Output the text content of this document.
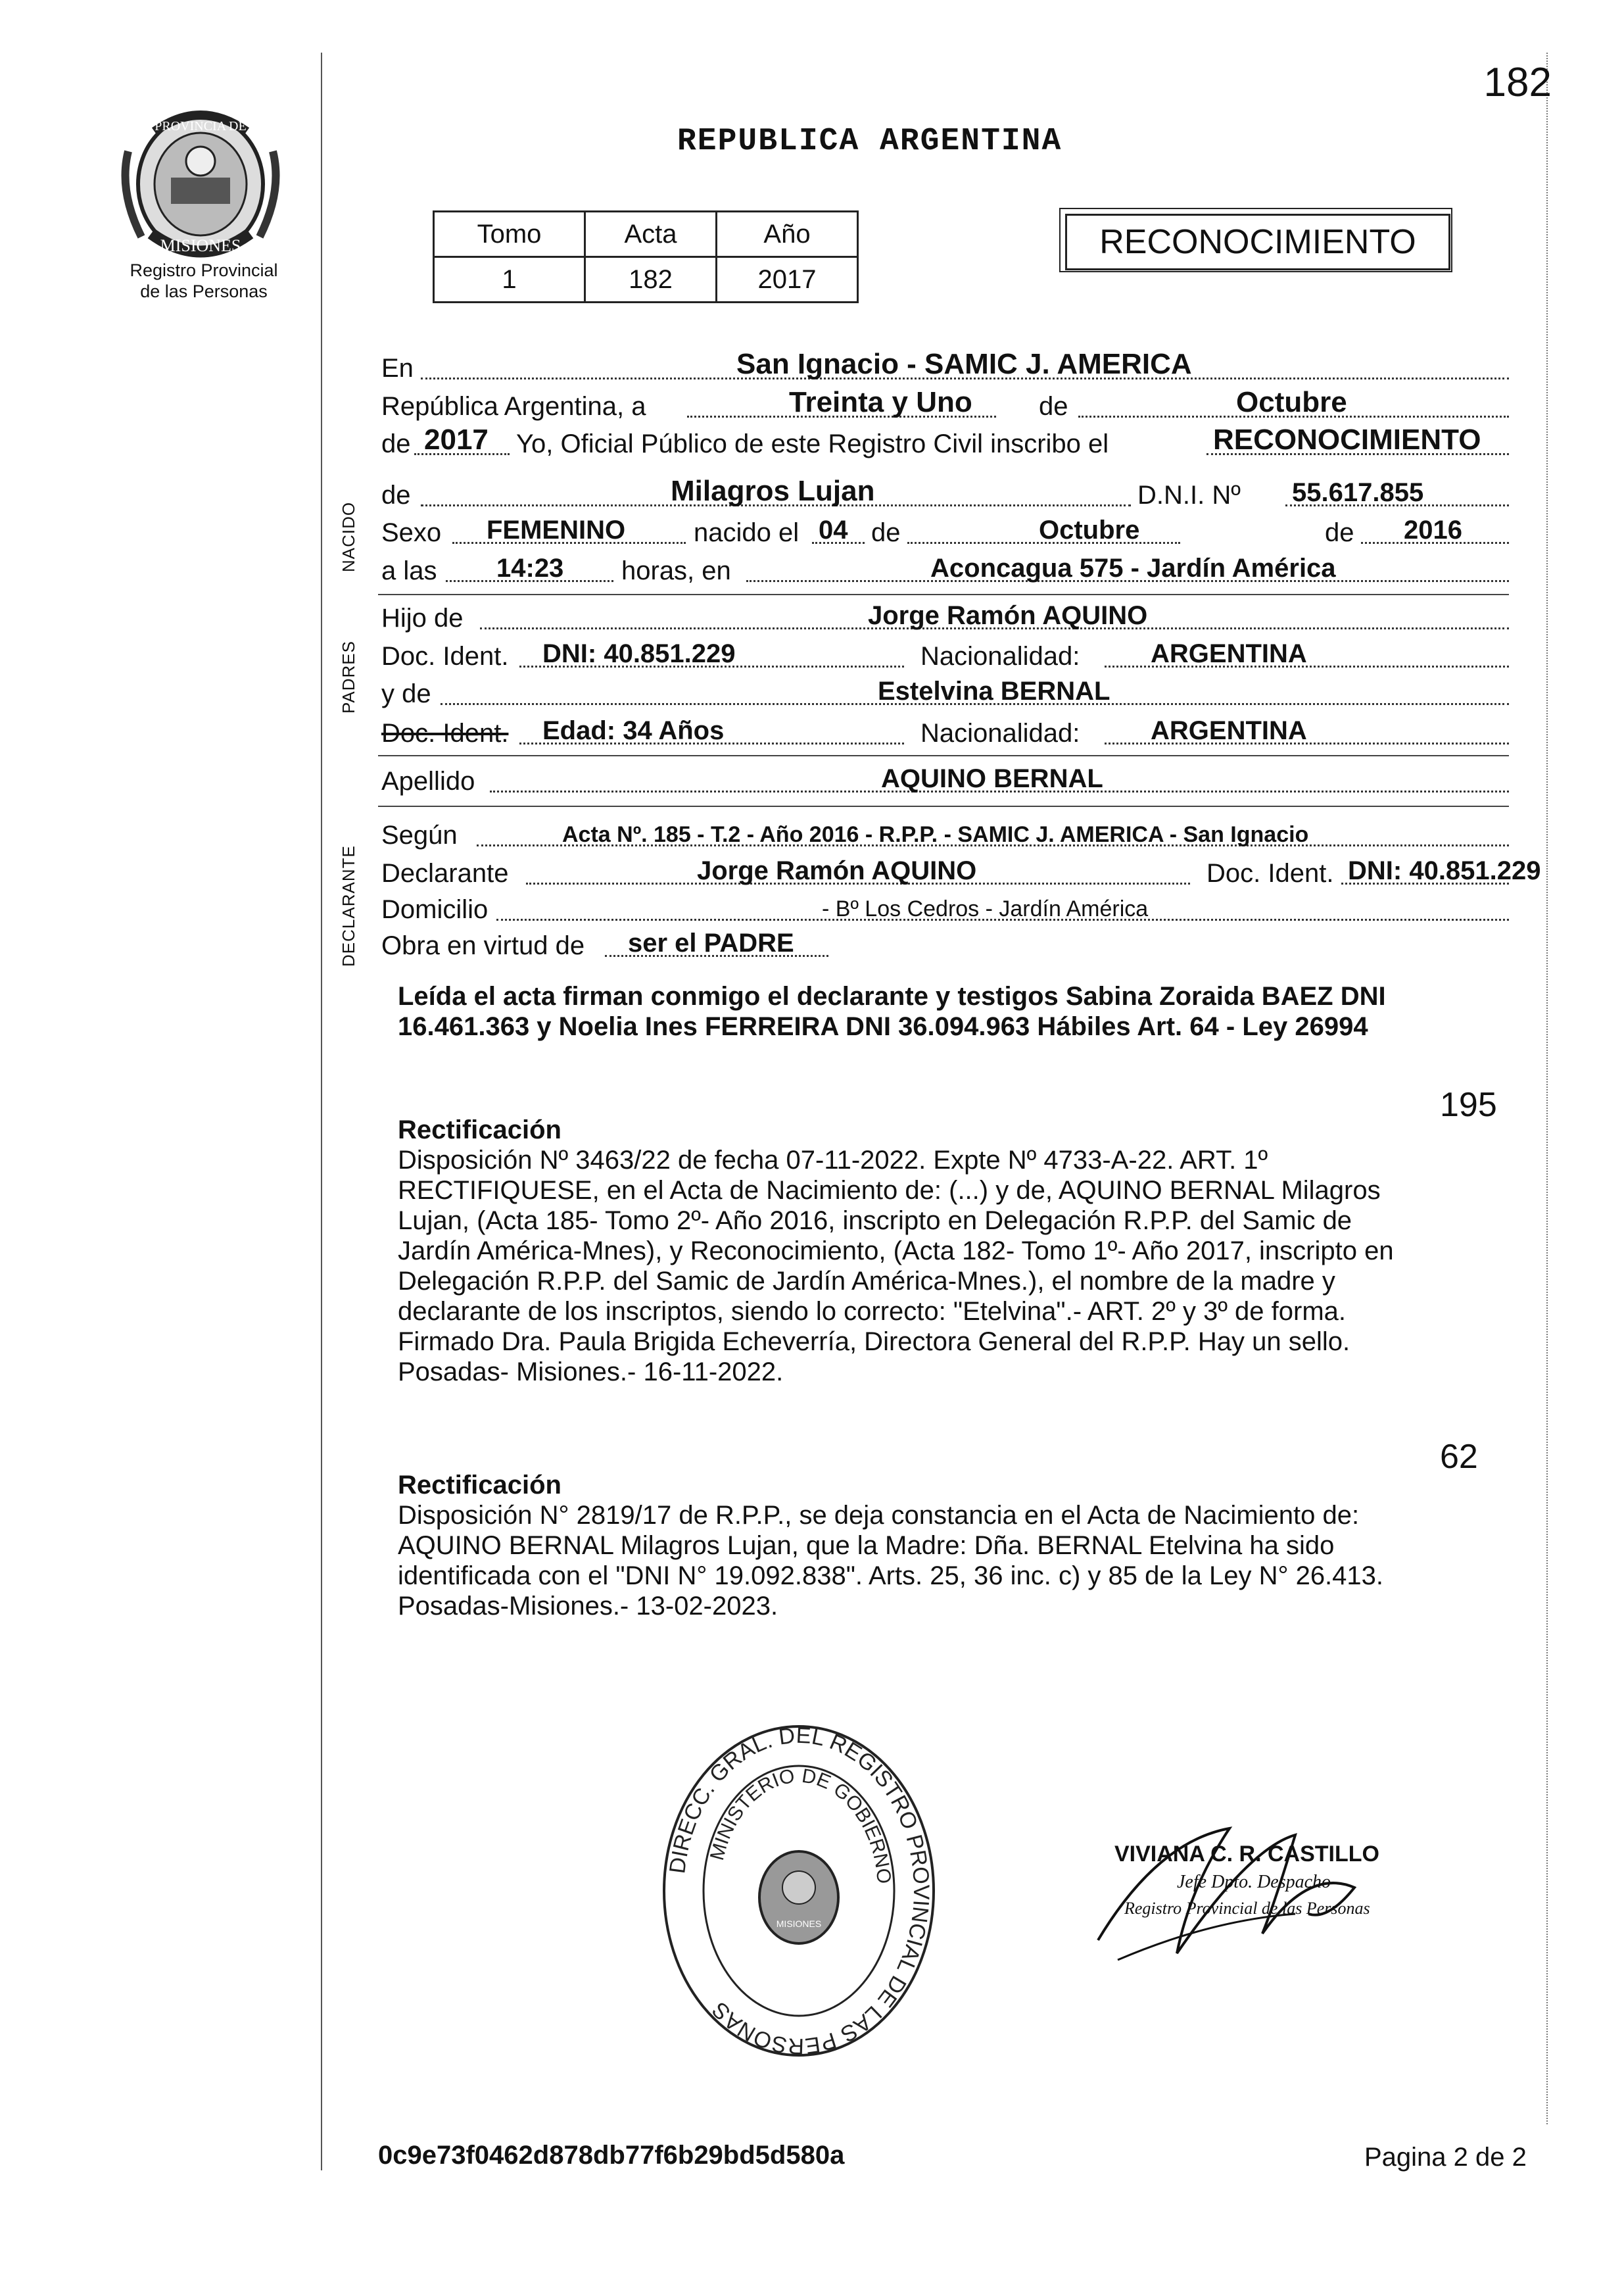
PROVINCIA DE
MISIONES
Registro Provincial
de las Personas
182
REPUBLICA ARGENTINA
Tomo	Acta	Año
1	182	2017
RECONOCIMIENTO
NACIDO
PADRES
DECLARANTE
En	San Ignacio - SAMIC J. AMERICA
República Argentina, a	Treinta y Uno	de	Octubre
de 2017 Yo, Oficial Público de este Registro Civil inscribo el	RECONOCIMIENTO
de	Milagros Lujan	D.N.I. Nº 55.617.855
Sexo FEMENINO	nacido el 04 de	Octubre	de 2016
a las 14:23 horas, en	Aconcagua 575 - Jardín América
Hijo de	Jorge Ramón AQUINO
Doc. Ident. DNI: 40.851.229	Nacionalidad:	ARGENTINA
y de	Estelvina BERNAL
Doc. Ident. Edad: 34 Años	Nacionalidad:	ARGENTINA
Apellido	AQUINO BERNAL
Según	Acta Nº. 185 - T.2 - Año 2016 - R.P.P. - SAMIC J. AMERICA - San Ignacio
Declarante	Jorge Ramón AQUINO	Doc. Ident. DNI: 40.851.229
Domicilio	- Bº Los Cedros - Jardín América
Obra en virtud de ser el PADRE
Leída el acta firman conmigo el declarante y testigos Sabina Zoraida BAEZ DNI
16.461.363 y Noelia Ines FERREIRA DNI 36.094.963 Hábiles Art. 64 - Ley 26994
195
Rectificación
Disposición Nº 3463/22 de fecha 07-11-2022. Expte Nº 4733-A-22. ART. 1º
RECTIFIQUESE, en el Acta de Nacimiento de: (...) y de, AQUINO BERNAL Milagros
Lujan, (Acta 185- Tomo 2º- Año 2016, inscripto en Delegación R.P.P. del Samic de
Jardín América-Mnes), y Reconocimiento, (Acta 182- Tomo 1º- Año 2017, inscripto en
Delegación R.P.P. del Samic de Jardín América-Mnes.), el nombre de la madre y
declarante de los inscriptos, siendo lo correcto: "Etelvina".- ART. 2º y 3º de forma.
Firmado Dra. Paula Brigida Echeverría, Directora General del R.P.P. Hay un sello.
Posadas- Misiones.- 16-11-2022.
62
Rectificación
Disposición N° 2819/17 de R.P.P., se deja constancia en el Acta de Nacimiento de:
AQUINO BERNAL Milagros Lujan, que la Madre: Dña. BERNAL Etelvina ha sido
identificada con el "DNI N° 19.092.838". Arts. 25, 36 inc. c) y 85 de la Ley N° 26.413.
Posadas-Misiones.- 13-02-2023.
DIRECC. GRAL. DEL REGISTRO PROVINCIAL DE LAS PERSONAS
MINISTERIO DE GOBIERNO
MISIONES
VIVIANA C. R. CASTILLO
Jefe Dpto. Despacho
Registro Provincial de las Personas
0c9e73f0462d878db77f6b29bd5d580a	Pagina 2 de 2
